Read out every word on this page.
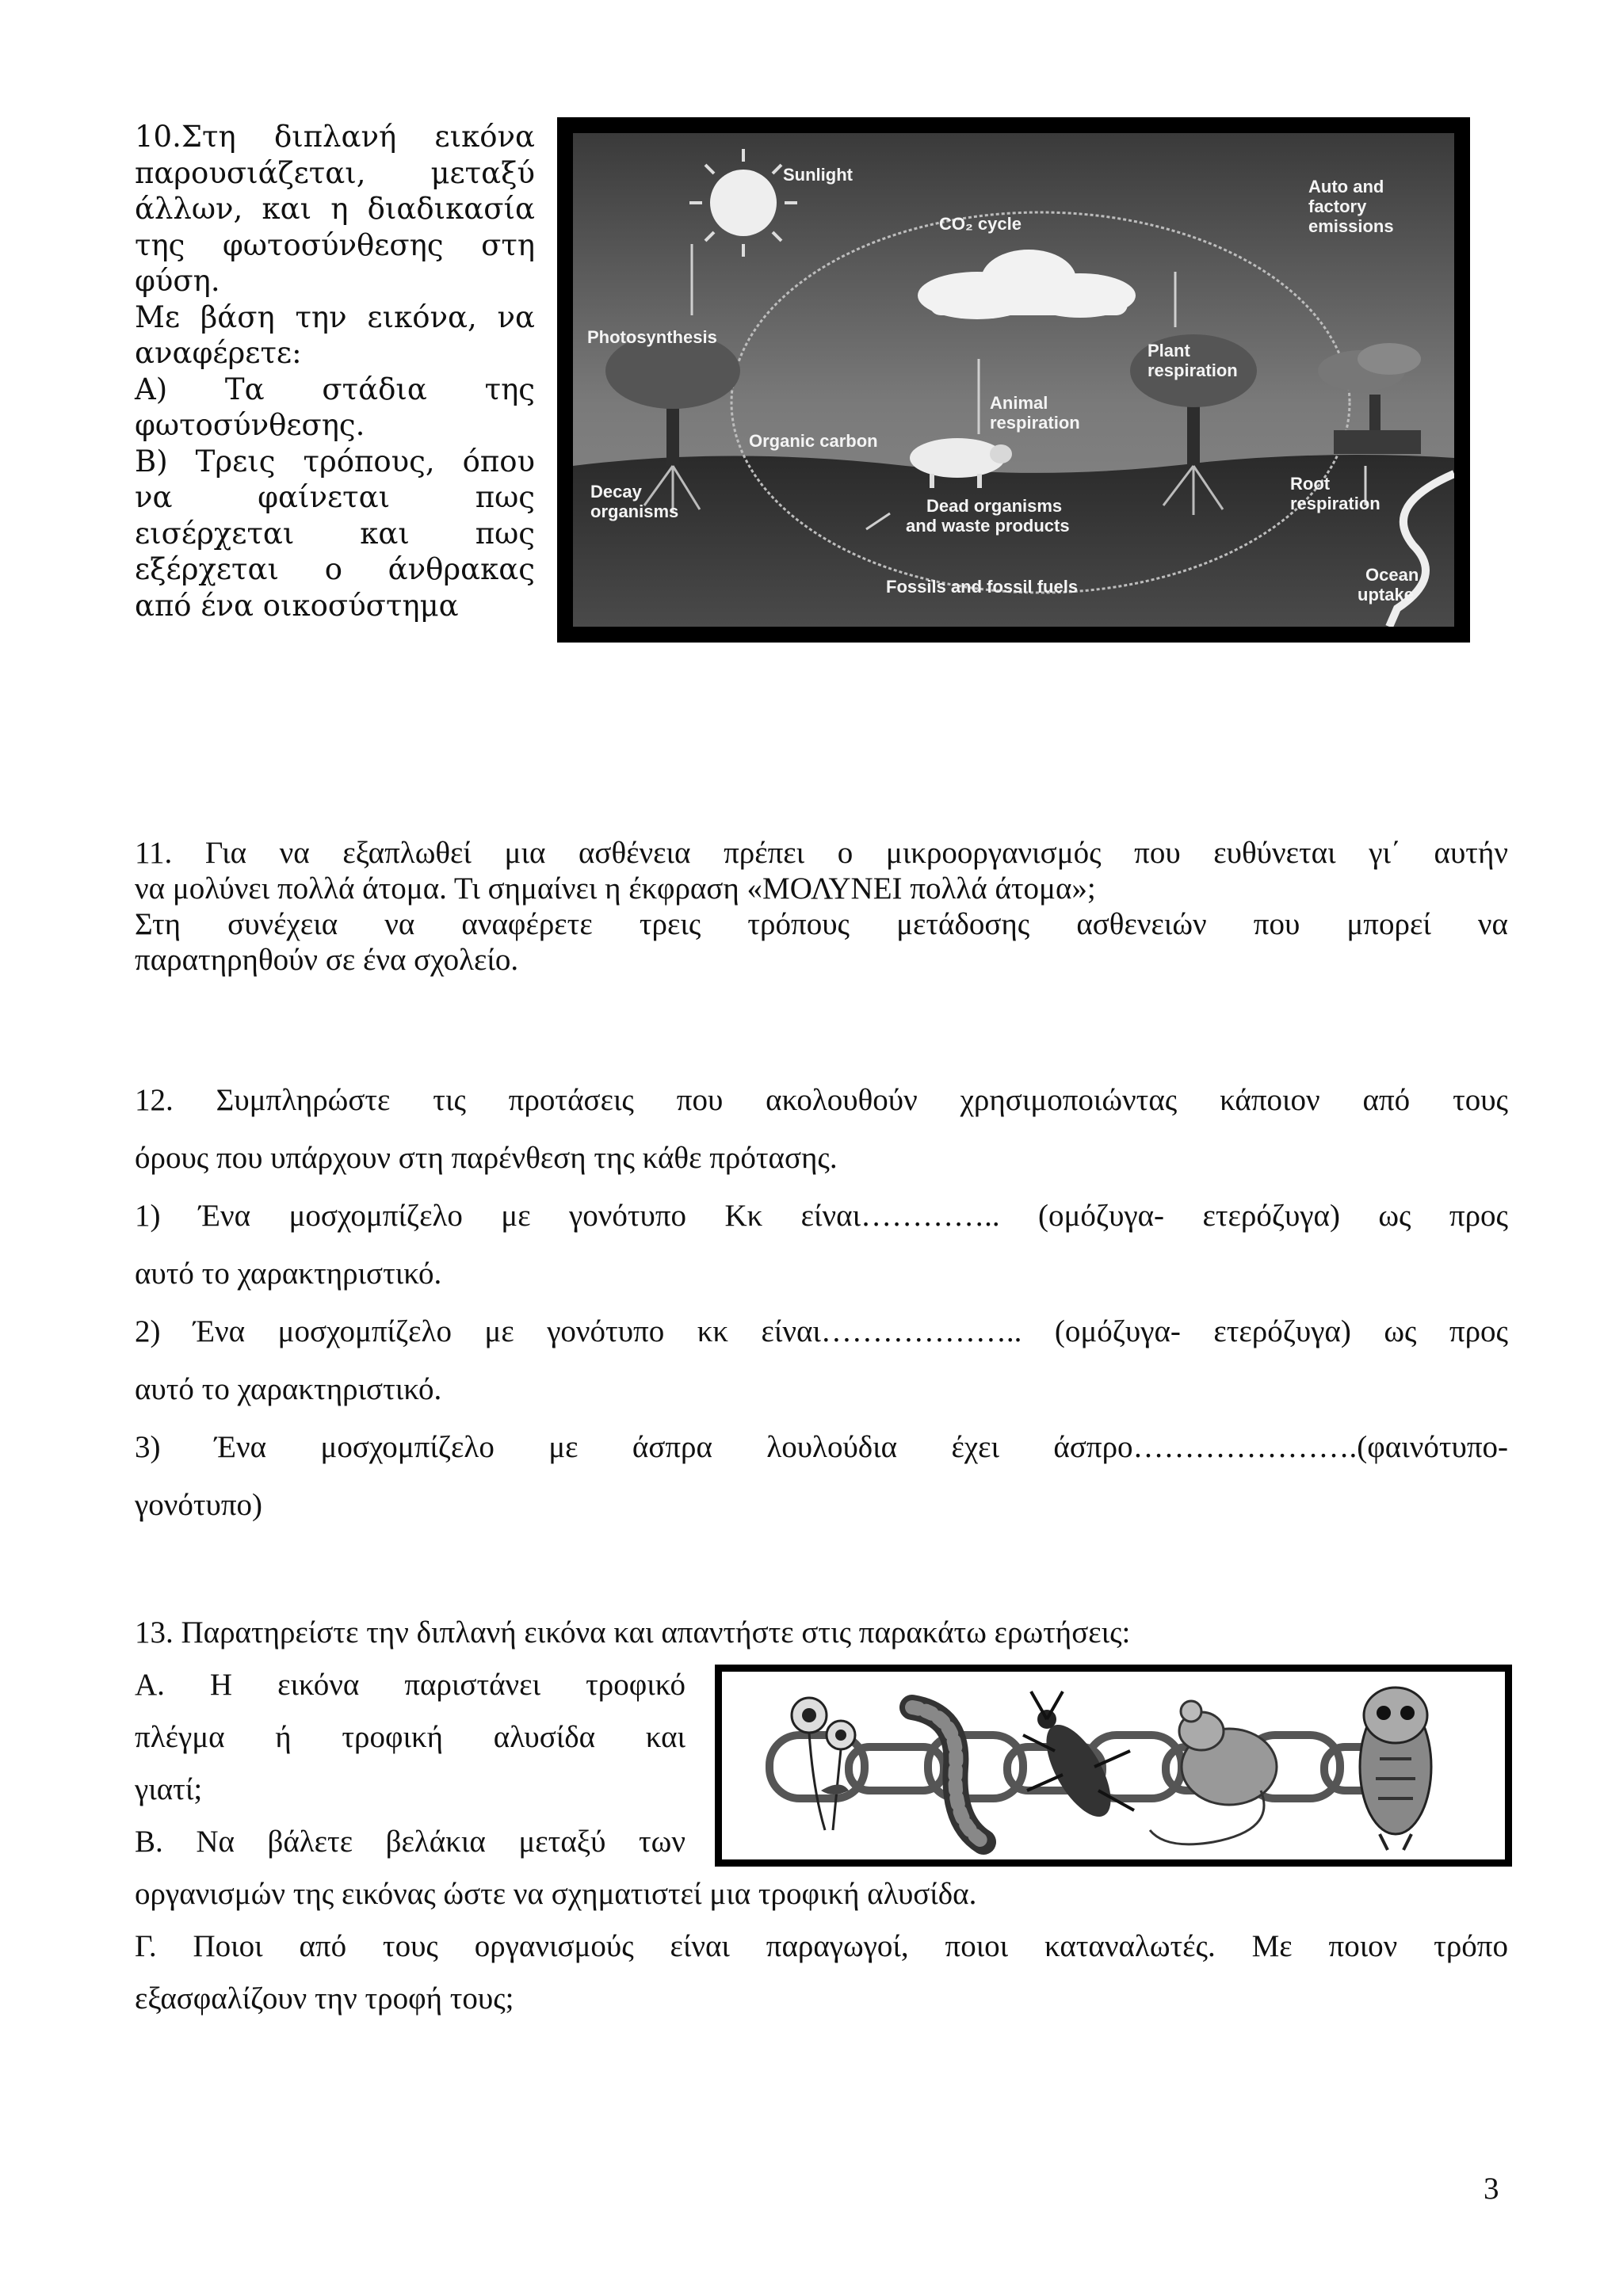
10.Στη διπλανή εικόνα
παρουσιάζεται, μεταξύ
άλλων, και η διαδικασία
της φωτοσύνθεσης στη
φύση.
Με βάση την εικόνα, να
αναφέρετε:
Α) Τα στάδια της
φωτοσύνθεσης.
Β) Τρεις τρόπους, όπου
να φαίνεται πως
εισέρχεται και πως
εξέρχεται ο άνθρακας
από ένα οικοσύστημα
Sunlight
CO₂ cycle
Auto and
factory
emissions
Photosynthesis
Plant
respiration
Animal
respiration
Organic carbon
Decay
organisms	Dead organisms
and waste products
Root
respiration
Fossils and fossil fuels
Ocean
uptake
11. Για να εξαπλωθεί μια ασθένεια πρέπει ο μικροοργανισμός που ευθύνεται γι΄ αυτήν
να μολύνει πολλά άτομα. Τι σημαίνει η έκφραση «ΜΟΛΥΝΕΙ πολλά άτομα»;
Στη συνέχεια να αναφέρετε τρεις τρόπους μετάδοσης ασθενειών που μπορεί να
παρατηρηθούν σε ένα σχολείο.
12. Συμπληρώστε τις προτάσεις που ακολουθούν χρησιμοποιώντας κάποιον από τους
όρους που υπάρχουν στη παρένθεση της κάθε πρότασης.
1) Ένα μοσχομπίζελο με γονότυπο Κκ είναι………….. (ομόζυγα- ετερόζυγα) ως προς
αυτό το χαρακτηριστικό.
2) Ένα μοσχομπίζελο με γονότυπο κκ είναι……………….. (ομόζυγα- ετερόζυγα) ως προς
αυτό το χαρακτηριστικό.
3) Ένα μοσχομπίζελο με άσπρα λουλούδια έχει άσπρο………………….(φαινότυπο-
γονότυπο)
13. Παρατηρείστε την διπλανή εικόνα και απαντήστε στις παρακάτω ερωτήσεις:
Α. Η εικόνα παριστάνει τροφικό
πλέγμα ή τροφική αλυσίδα και
γιατί;
Β. Να βάλετε βελάκια μεταξύ των
οργανισμών της εικόνας ώστε να σχηματιστεί μια τροφική αλυσίδα.
Γ. Ποιοι από τους οργανισμούς είναι παραγωγοί, ποιοι καταναλωτές. Με ποιον τρόπο
εξασφαλίζουν την τροφή τους;
3
